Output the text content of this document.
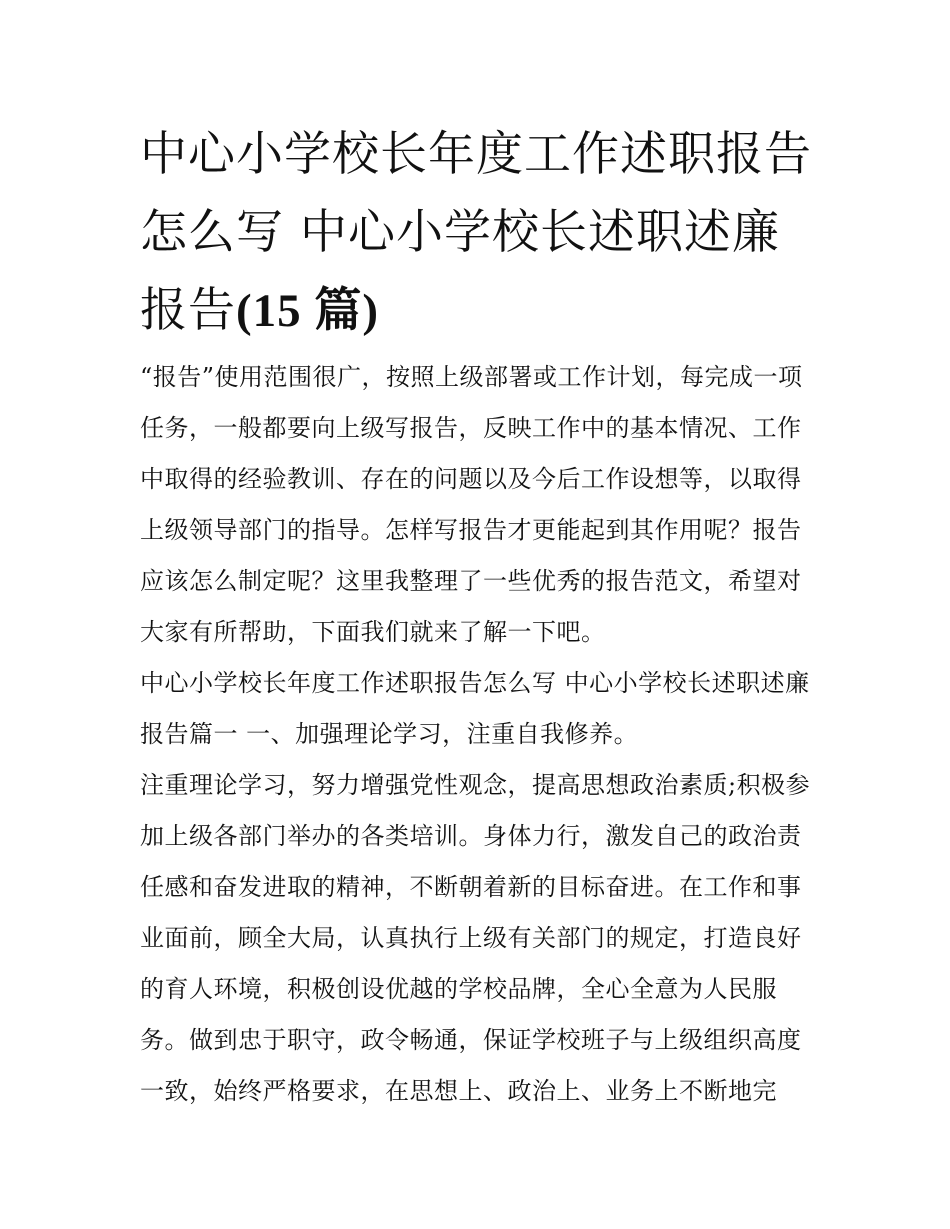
中心小学校长年度工作述职报告怎么写 中心小学校长述职述廉报告(15 篇)

“报告”使用范围很广，按照上级部署或工作计划，每完成一项任务，一般都要向上级写报告，反映工作中的基本情况、工作中取得的经验教训、存在的问题以及今后工作设想等，以取得上级领导部门的指导。怎样写报告才更能起到其作用呢？报告应该怎么制定呢？这里我整理了一些优秀的报告范文，希望对大家有所帮助，下面我们就来了解一下吧。

中心小学校长年度工作述职报告怎么写 中心小学校长述职述廉报告篇一 一、加强理论学习，注重自我修养。

注重理论学习，努力增强党性观念，提高思想政治素质;积极参加上级各部门举办的各类培训。身体力行，激发自己的政治责任感和奋发进取的精神，不断朝着新的目标奋进。在工作和事业面前，顾全大局，认真执行上级有关部门的规定，打造良好的育人环境，积极创设优越的学校品牌，全心全意为人民服务。做到忠于职守，政令畅通，保证学校班子与上级组织高度一致，始终严格要求，在思想上、政治上、业务上不断地完
